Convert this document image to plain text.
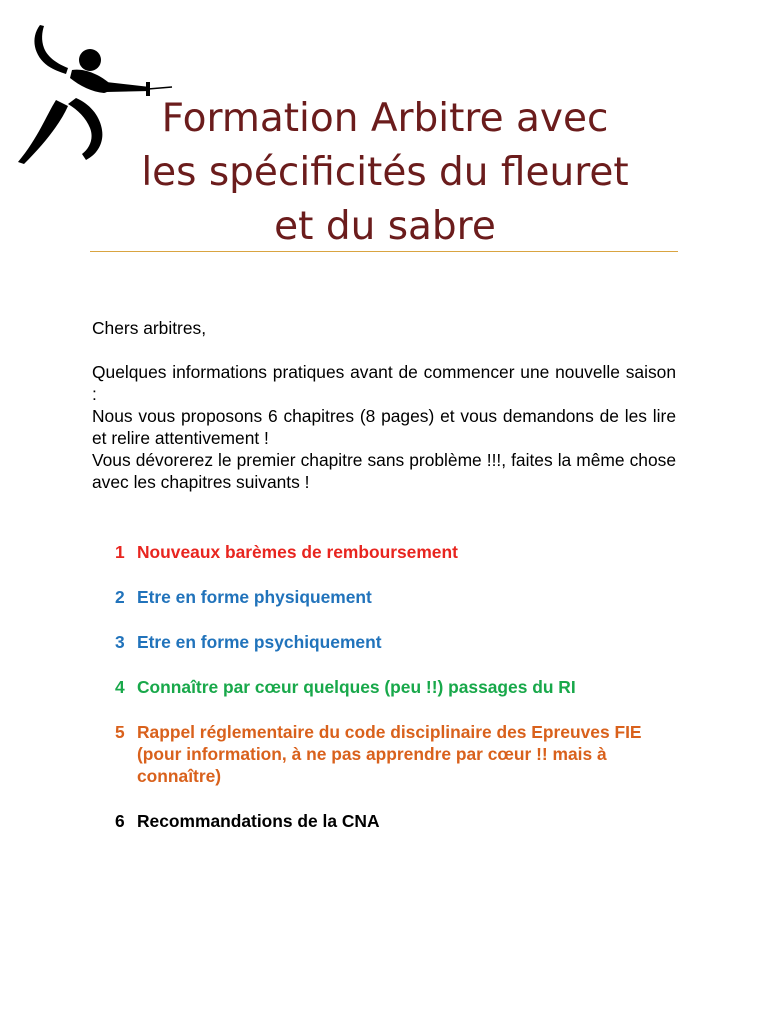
Formation Arbitre avec
les spécificités du fleuret
et du sabre

Chers arbitres,

Quelques informations pratiques avant de commencer une nouvelle saison :

Nous vous proposons 6 chapitres (8 pages) et vous demandons de les lire et relire attentivement !

Vous dévorerez le premier chapitre sans problème !!!, faites la même chose avec les chapitres suivants !

1 Nouveaux barèmes de remboursement
2 Etre en forme physiquement
3 Etre en forme psychiquement
4 Connaître par cœur quelques (peu !!) passages du RI
5 Rappel réglementaire du code disciplinaire des Epreuves FIE (pour information, à ne pas apprendre par cœur !! mais à connaître)
6 Recommandations de la CNA
